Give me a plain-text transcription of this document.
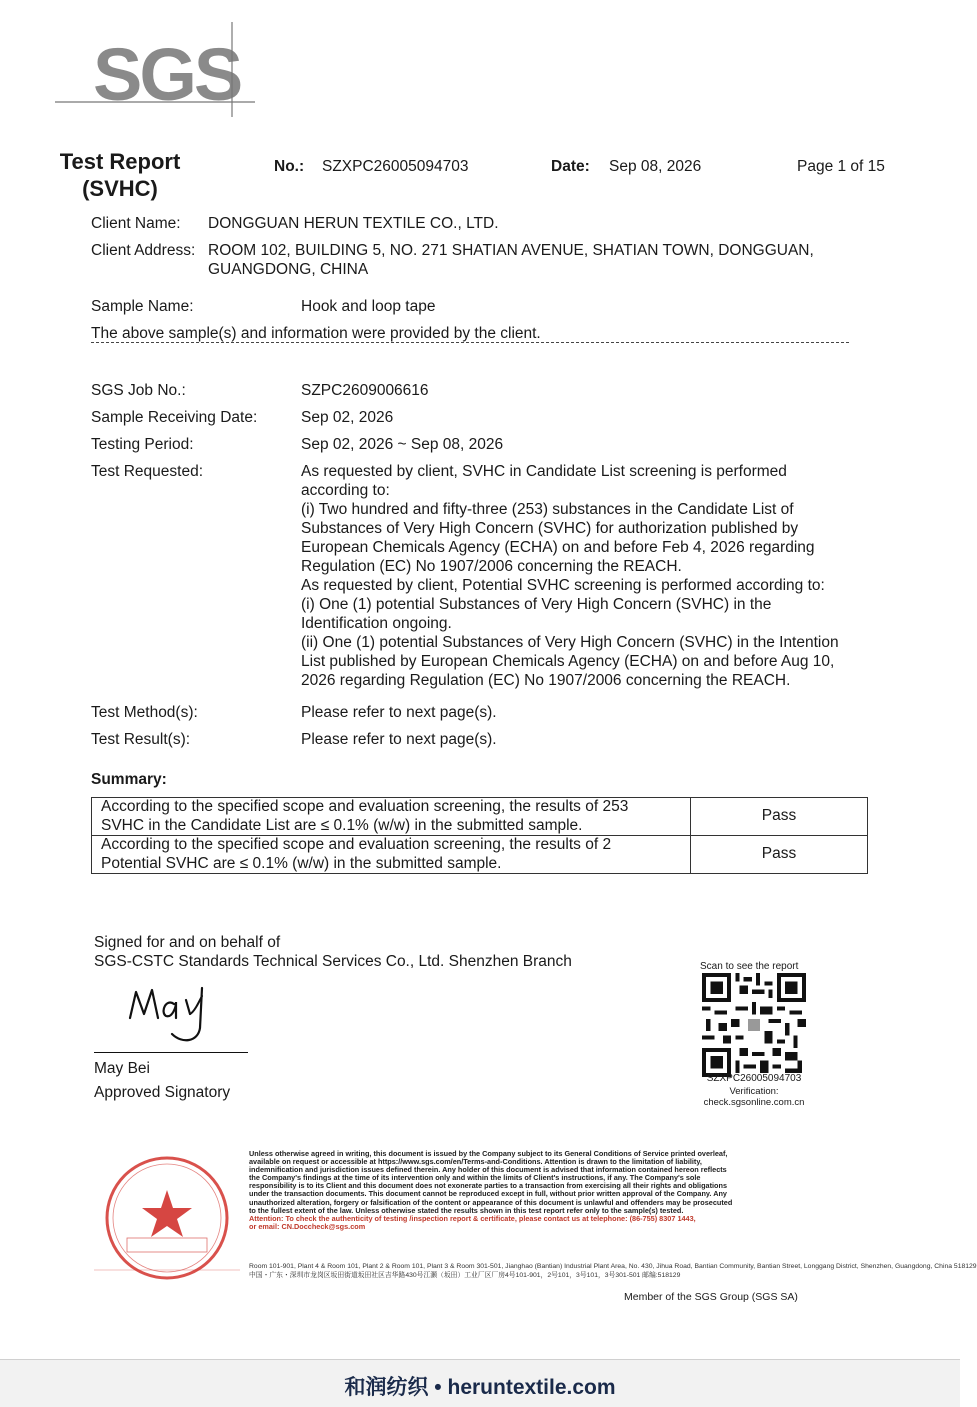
SGS
Test Report
(SVHC)
No.: SZXPC26005094703	Date: Sep 08, 2026	Page 1 of 15
Client Name: DONGGUAN HERUN TEXTILE CO., LTD.
Client Address: ROOM 102, BUILDING 5, NO. 271 SHATIAN AVENUE, SHATIAN TOWN, DONGGUAN,
GUANGDONG, CHINA
Sample Name:	Hook and loop tape
The above sample(s) and information were provided by the client.
SGS Job No.:	SZPC2609006616
Sample Receiving Date:	Sep 02, 2026
Testing Period:	Sep 02, 2026 ~ Sep 08, 2026
Test Requested:	As requested by client, SVHC in Candidate List screening is performed

according to:

(i) Two hundred and fifty-three (253) substances in the Candidate List of

Substances of Very High Concern (SVHC) for authorization published by

European Chemicals Agency (ECHA) on and before Feb 4, 2026 regarding

Regulation (EC) No 1907/2006 concerning the REACH.

As requested by client, Potential SVHC screening is performed according to:

(i) One (1) potential Substances of Very High Concern (SVHC) in the

Identification ongoing.

(ii) One (1) potential Substances of Very High Concern (SVHC) in the Intention

List published by European Chemicals Agency (ECHA) on and before Aug 10,

2026 regarding Regulation (EC) No 1907/2006 concerning the REACH.

Test Method(s):	Please refer to next page(s).
Test Result(s):	Please refer to next page(s).
Summary:
According to the specified scope and evaluation screening, the results of 253
SVHC in the Candidate List are ≤ 0.1% (w/w) in the submitted sample.	Pass

According to the specified scope and evaluation screening, the results of 2
Potential SVHC are ≤ 0.1% (w/w) in the submitted sample.	Pass
Signed for and on behalf of
SGS-CSTC Standards Technical Services Co., Ltd. Shenzhen Branch
May Bei
Approved Signatory
Scan to see the report
SZXPC26005094703
Verification:
check.sgsonline.com.cn
Unless otherwise agreed in writing, this document is issued by the Company subject to its General Conditions of Service printed overleaf,
available on request or accessible at https://www.sgs.com/en/Terms-and-Conditions. Attention is drawn to the limitation of liability,
indemnification and jurisdiction issues defined therein. Any holder of this document is advised that information contained hereon reflects
the Company's findings at the time of its intervention only and within the limits of Client's instructions, if any. The Company's sole
responsibility is to its Client and this document does not exonerate parties to a transaction from exercising all their rights and obligations
under the transaction documents. This document cannot be reproduced except in full, without prior written approval of the Company. Any
unauthorized alteration, forgery or falsification of the content or appearance of this document is unlawful and offenders may be prosecuted
to the fullest extent of the law. Unless otherwise stated the results shown in this test report refer only to the sample(s) tested.
Attention: To check the authenticity of testing /inspection report & certificate, please contact us at telephone: (86-755) 8307 1443,
or email: CN.Doccheck@sgs.com
Room 101-901, Plant 4 & Room 101, Plant 2 & Room 101, Plant 3 & Room 301-501, Jianghao (Bantian) Industrial Plant Area, No. 430, Jihua Road, Bantian Community, Bantian Street, Longgang District, Shenzhen, Guangdong, China 518129
中国・广东・深圳市龙岗区坂田街道坂田社区吉华路430号江灏（坂田）工业厂区厂房4号101-901，2号101，3号101，3号301-501 邮编:518129
Member of the SGS Group (SGS SA)
和润纺织 • heruntextile.com
